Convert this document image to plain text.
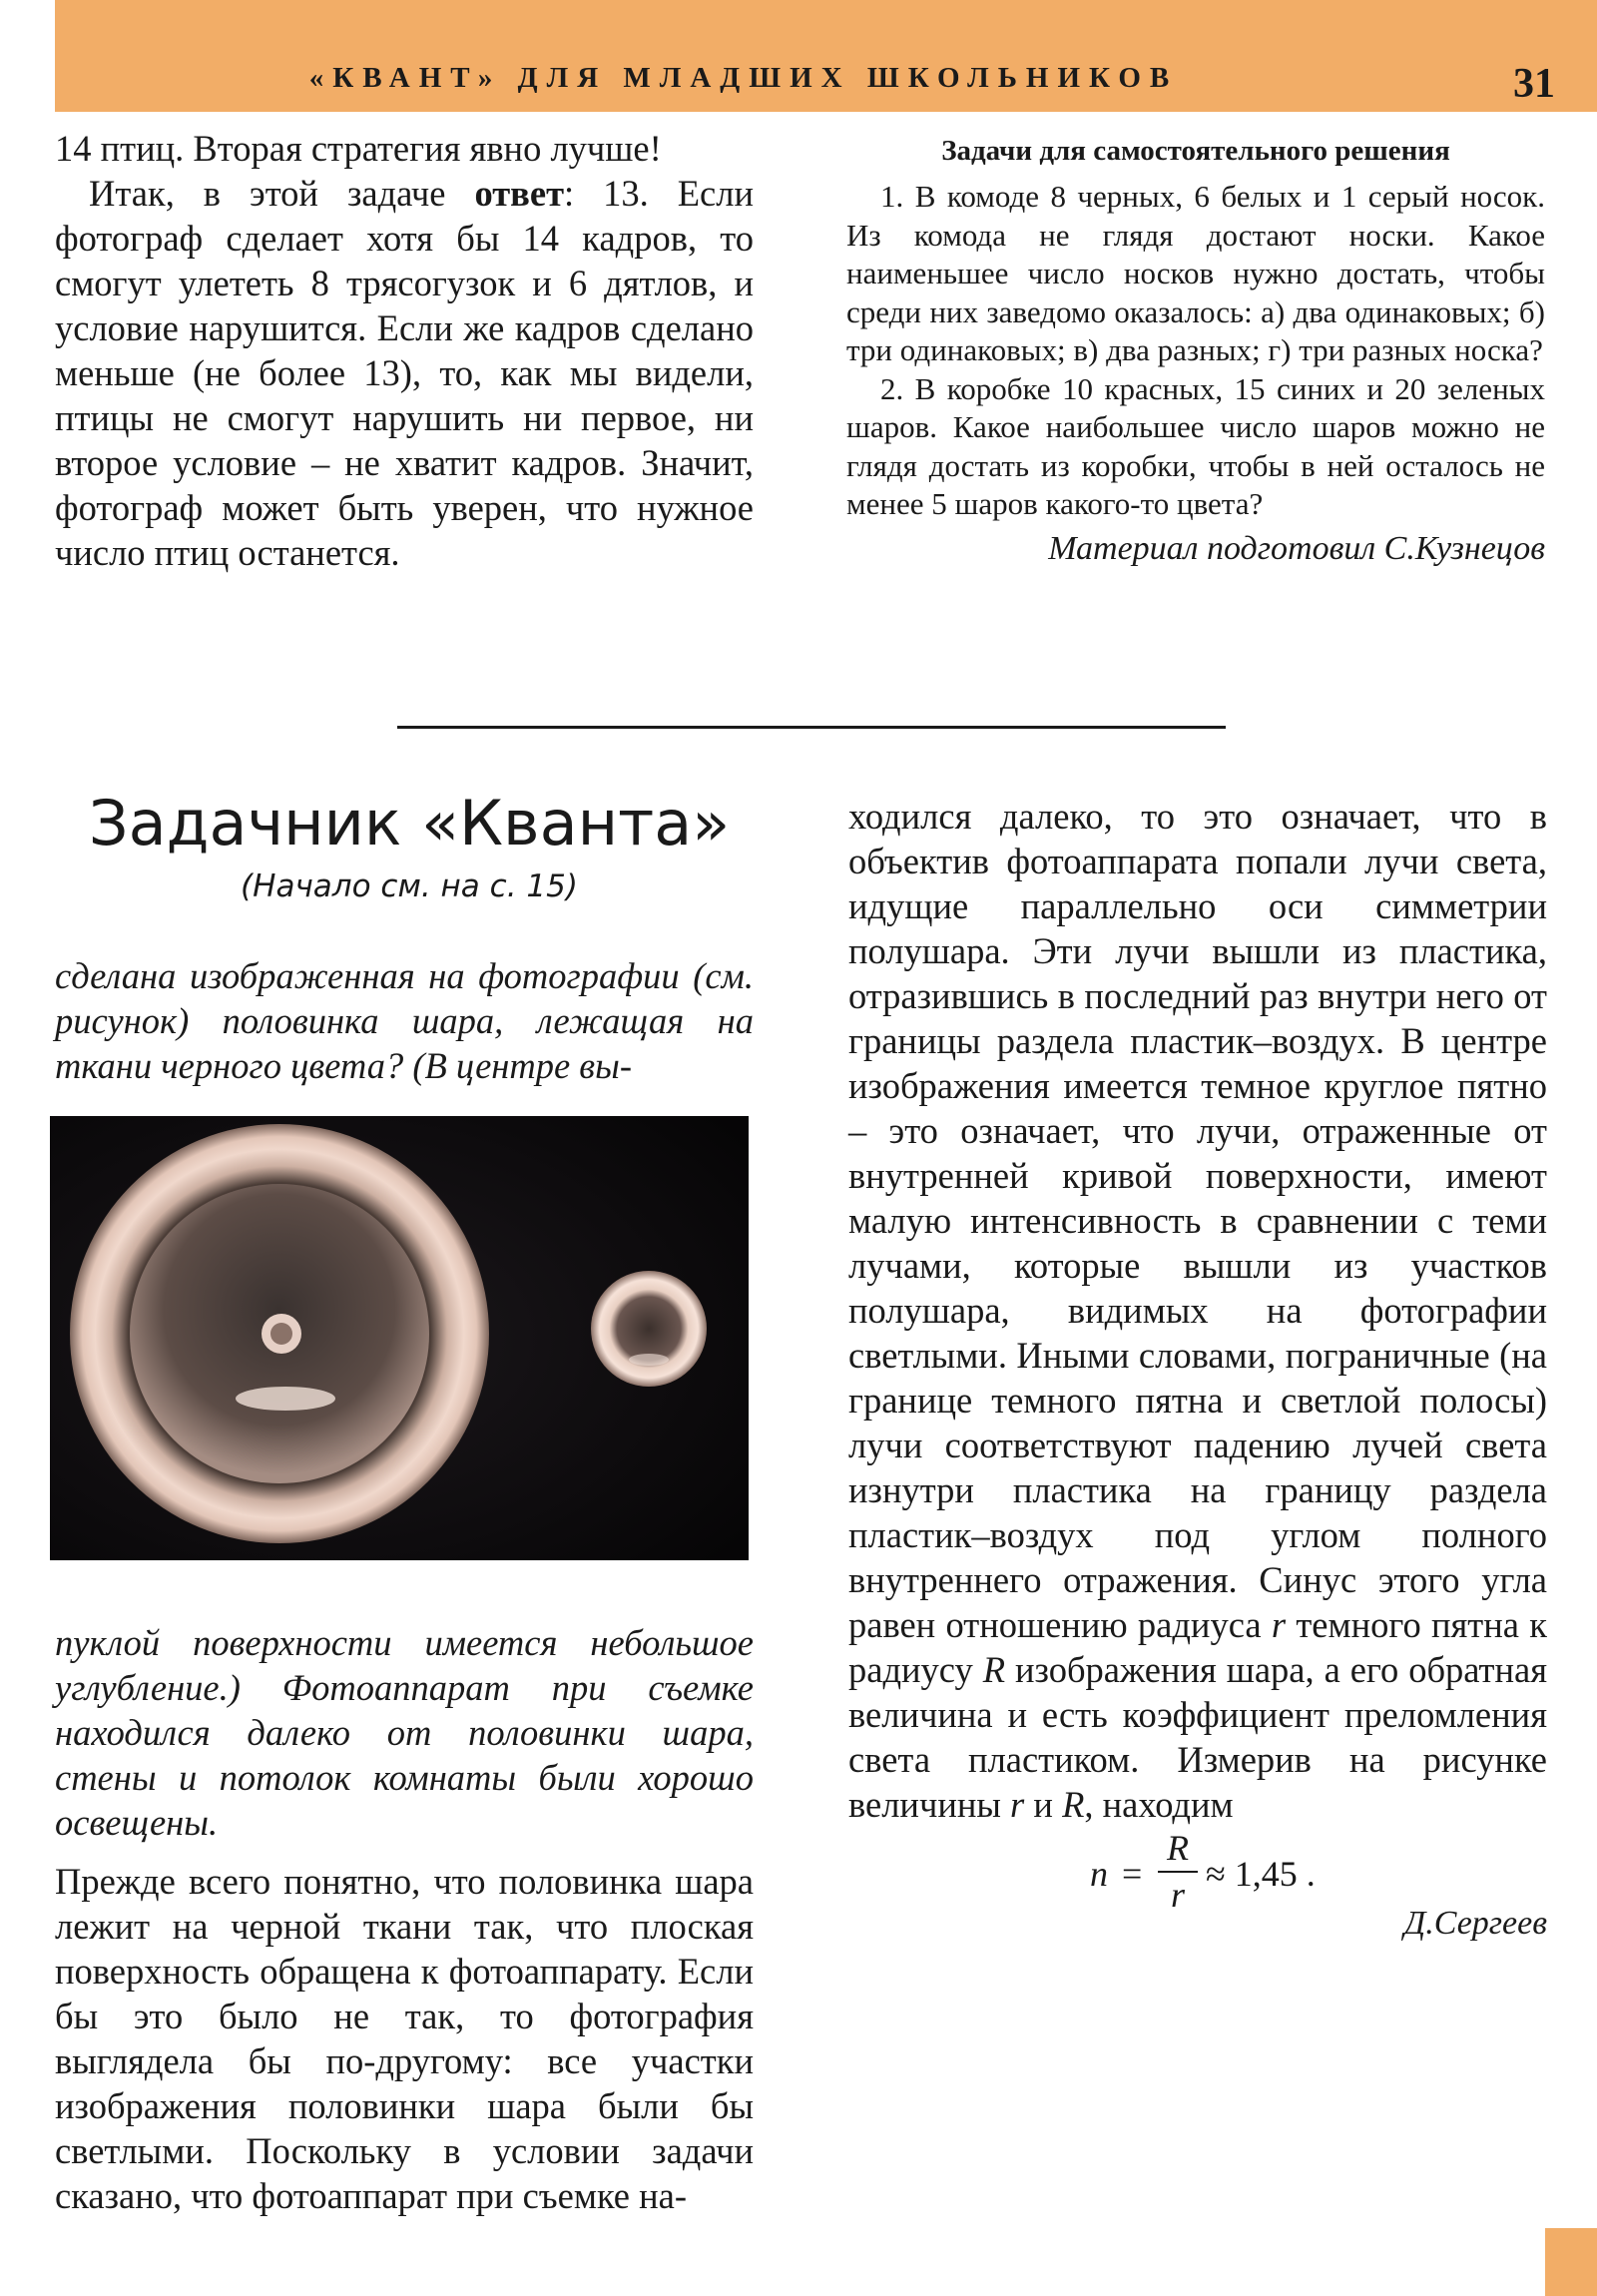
«КВАНТ» ДЛЯ МЛАДШИХ ШКОЛЬНИКОВ	31

14 птиц. Вторая стратегия явно лучше!

Итак, в этой задаче ответ: 13. Если фотограф сделает хотя бы 14 кадров, то смогут улететь 8 трясогузок и 6 дятлов, и условие нарушится. Если же кадров сделано меньше (не более 13), то, как мы видели, птицы не смогут нарушить ни первое, ни второе условие – не хватит кадров. Значит, фотограф может быть уверен, что нужное число птиц останется.

Задачи для самостоятельного решения

1. В комоде 8 черных, 6 белых и 1 серый носок. Из комода не глядя достают носки. Какое наименьшее число носков нужно достать, чтобы среди них заведомо оказалось: а) два одинаковых; б) три одинаковых; в) два разных; г) три разных носка?

2. В коробке 10 красных, 15 синих и 20 зеленых шаров. Какое наибольшее число шаров можно не глядя достать из коробки, чтобы в ней осталось не менее 5 шаров какого-то цвета?

Материал подготовил С.Кузнецов

Задачник «Кванта»
(Начало см. на с. 15)

сделана изображенная на фотографии (см. рисунок) половинка шара, лежащая на ткани черного цвета? (В центре вы-

пуклой поверхности имеется небольшое углубление.) Фотоаппарат при съемке находился далеко от половинки шара, стены и потолок комнаты были хорошо освещены.

Прежде всего понятно, что половинка шара лежит на черной ткани так, что плоская поверхность обращена к фотоаппарату. Если бы это было не так, то фотография выглядела бы по-другому: все участки изображения половинки шара были бы светлыми. Поскольку в условии задачи сказано, что фотоаппарат при съемке на-

ходился далеко, то это означает, что в объектив фотоаппарата попали лучи света, идущие параллельно оси симметрии полушара. Эти лучи вышли из пластика, отразившись в последний раз внутри него от границы раздела пластик–воздух. В центре изображения имеется темное круглое пятно – это означает, что лучи, отраженные от внутренней кривой поверхности, имеют малую интенсивность в сравнении с теми лучами, которые вышли из участков полушара, видимых на фотографии светлыми. Иными словами, пограничные (на границе темного пятна и светлой полосы) лучи соответствуют падению лучей света изнутри пластика на границу раздела пластик–воздух под углом полного внутреннего отражения. Синус этого угла равен отношению радиуса r темного пятна к радиусу R изображения шара, а его обратная величина и есть коэффициент преломления света пластиком. Измерив на рисунке величины r и R, находим

n =
R
r
≈ 1,45 .
Д.Сергеев
